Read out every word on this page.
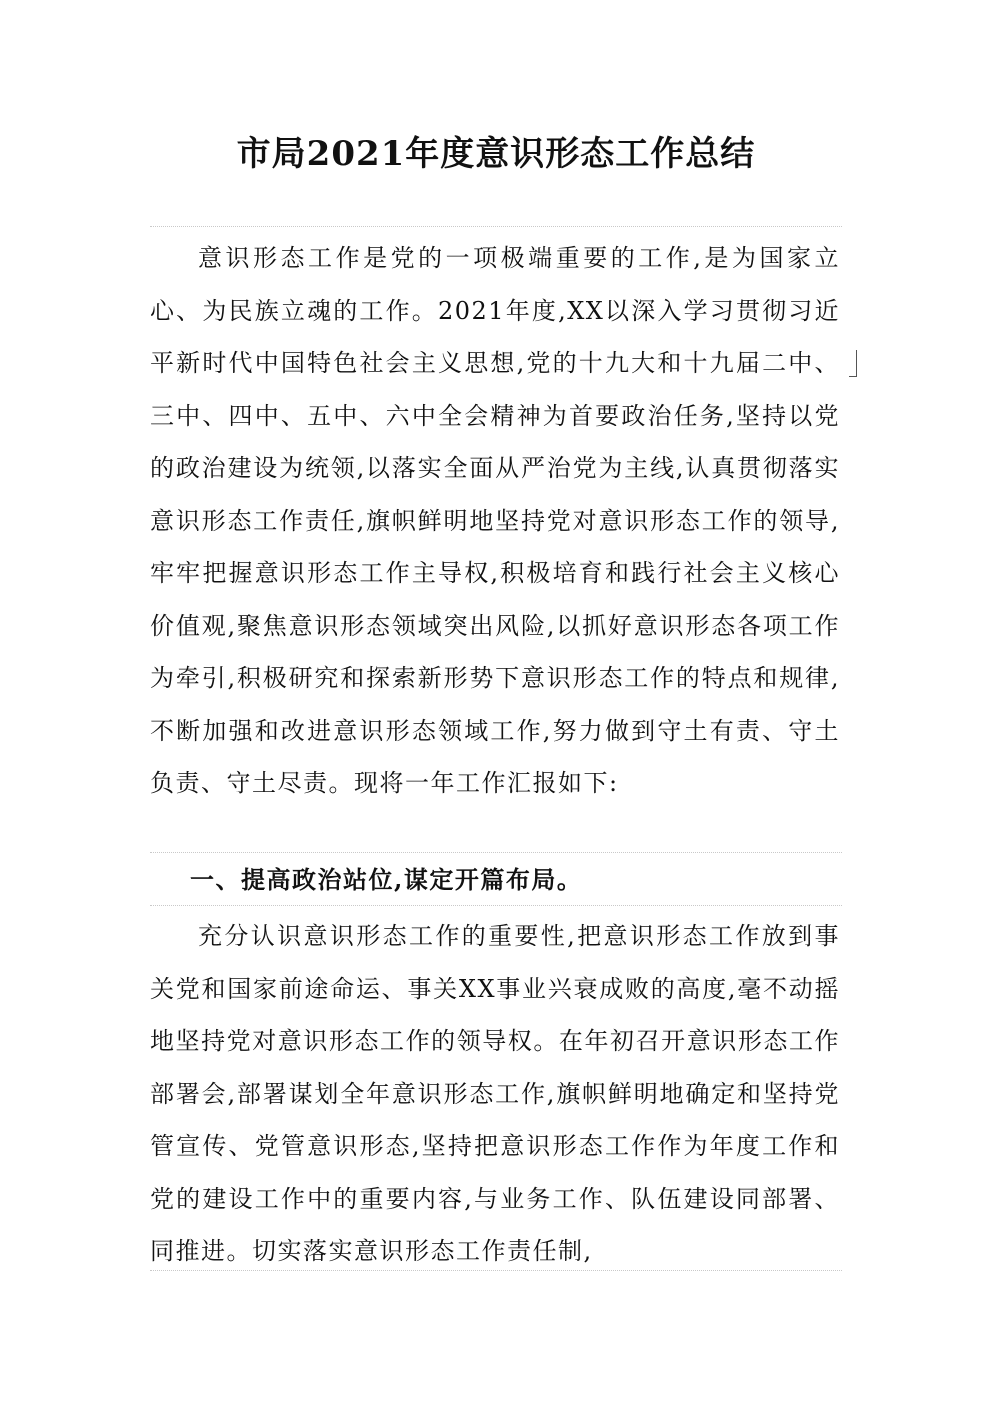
市局2021年度意识形态工作总结

意识形态工作是党的一项极端重要的工作,是为国家立心、为民族立魂的工作。2021年度,XX以深入学习贯彻习近平新时代中国特色社会主义思想,党的十九大和十九届二中、三中、四中、五中、六中全会精神为首要政治任务,坚持以党的政治建设为统领,以落实全面从严治党为主线,认真贯彻落实意识形态工作责任,旗帜鲜明地坚持党对意识形态工作的领导,牢牢把握意识形态工作主导权,积极培育和践行社会主义核心价值观,聚焦意识形态领域突出风险,以抓好意识形态各项工作为牵引,积极研究和探索新形势下意识形态工作的特点和规律,不断加强和改进意识形态领域工作,努力做到守土有责、守土负责、守土尽责。现将一年工作汇报如下:

一、提高政治站位,谋定开篇布局。

充分认识意识形态工作的重要性,把意识形态工作放到事关党和国家前途命运、事关XX事业兴衰成败的高度,毫不动摇地坚持党对意识形态工作的领导权。在年初召开意识形态工作部署会,部署谋划全年意识形态工作,旗帜鲜明地确定和坚持党管宣传、党管意识形态,坚持把意识形态工作作为年度工作和党的建设工作中的重要内容,与业务工作、队伍建设同部署、同推进。切实落实意识形态工作责任制,
